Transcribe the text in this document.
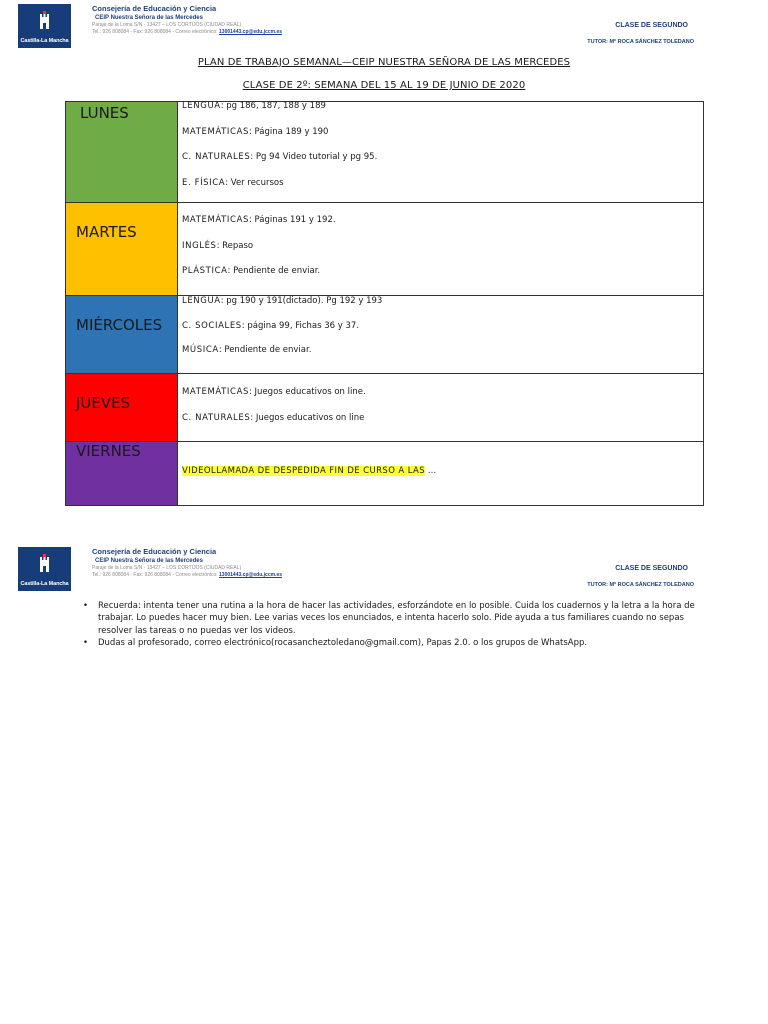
Castilla-La Mancha
Consejería de Educación y Ciencia
CEIP Nuestra Señora de las Mercedes
Paraje de la Loma S/N · 13427 – LOS CORTIJOS (CIUDAD REAL)
Tel.: 926 808084 - Fax: 926 808084 - Correo electrónico: 13001443.cp@edu.jccm.es
CLASE DE SEGUNDO
TUTOR: Mª ROCA SÁNCHEZ TOLEDANO
PLAN DE TRABAJO SEMANAL—CEIP NUESTRA SEÑORA DE LAS MERCEDES
CLASE DE 2º: SEMANA DEL 15 AL 19 DE JUNIO DE 2020
LUNES	LENGUA: pg 186, 187, 188 y 189
MATEMÁTICAS: Página 189 y 190
C. NATURALES: Pg 94 Video tutorial y pg 95.
E. FÍSICA: Ver recursos

MARTES	MATEMÁTICAS: Páginas 191 y 192.
INGLÉS: Repaso
PLÁSTICA: Pendiente de enviar.

MIÉRCOLES	LENGUA: pg 190 y 191(dictado). Pg 192 y 193
C. SOCIALES: página 99, Fichas 36 y 37.
MÚSICA: Pendiente de enviar.

JUEVES	MATEMÁTICAS: Juegos educativos on line.
C. NATURALES: Juegos educativos on line

VIERNES	VIDEOLLAMADA DE DESPEDIDA FIN DE CURSO A LAS …
Castilla-La Mancha
Consejería de Educación y Ciencia
CEIP Nuestra Señora de las Mercedes
Paraje de la Loma S/N · 13427 – LOS CORTIJOS (CIUDAD REAL)
Tel.: 926 808084 - Fax: 926 808084 - Correo electrónico: 13001443.cp@edu.jccm.es
CLASE DE SEGUNDO
TUTOR: Mª ROCA SÁNCHEZ TOLEDANO
• Recuerda: intenta tener una rutina a la hora de hacer las actividades, esforzándote en lo posible. Cuida los cuadernos y la letra a la hora de trabajar. Lo puedes hacer muy bien. Lee varias veces los enunciados, e intenta hacerlo solo. Pide ayuda a tus familiares cuando no sepas resolver las tareas o no puedas ver los videos.
• Dudas al profesorado, correo electrónico(rocasancheztoledano@gmail.com), Papas 2.0. o los grupos de WhatsApp.
